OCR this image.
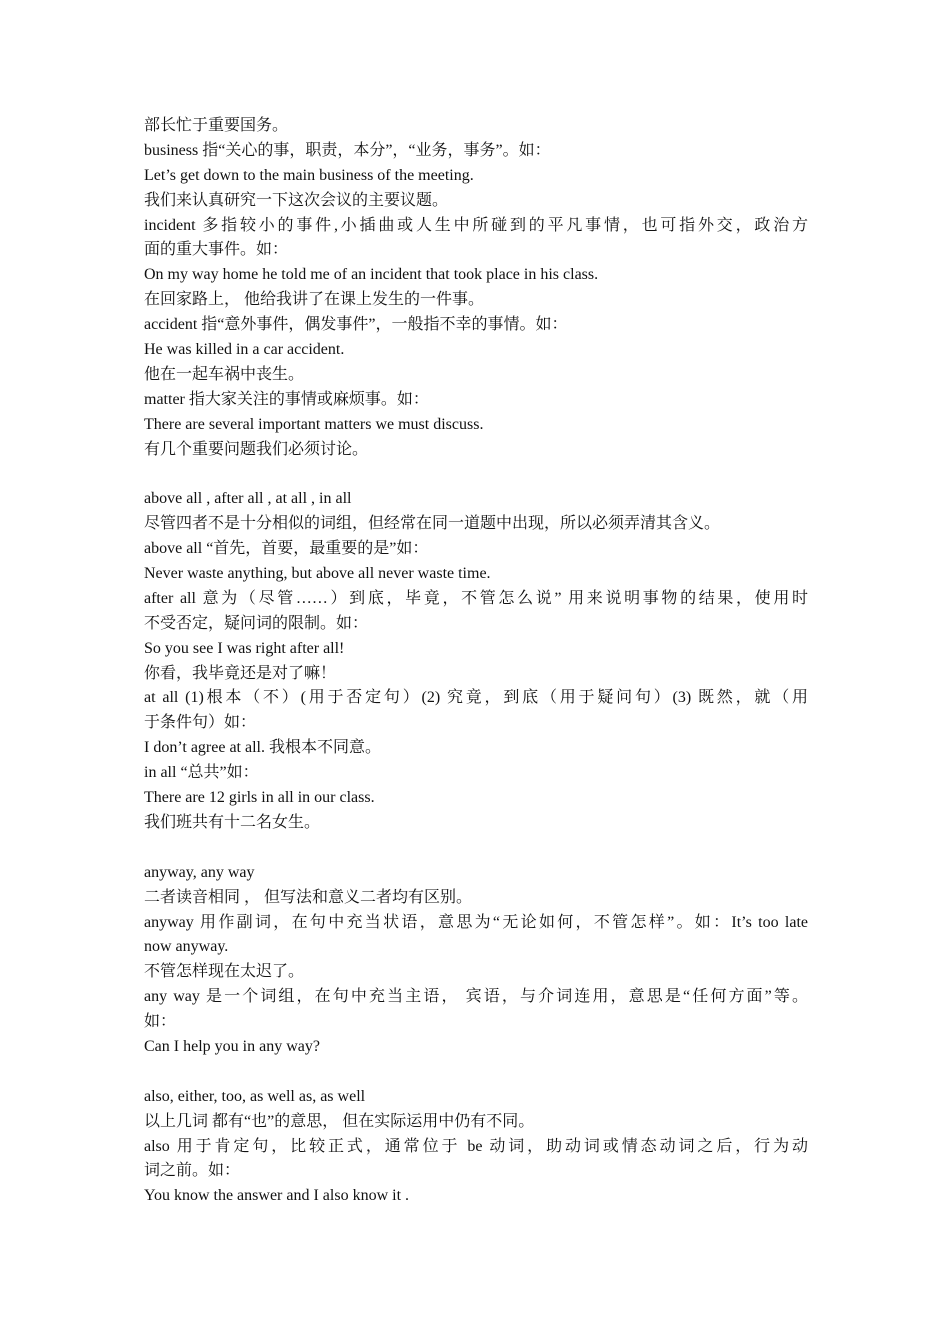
部长忙于重要国务。
business 指“关心的事，职责，本分”，“业务，事务”。如：
Let’s get down to the main business of the meeting.
我们来认真研究一下这次会议的主要议题。
incident 多指较小的事件,小插曲或人生中所碰到的平凡事情，也可指外交，政治方
面的重大事件。如：
On my way home he told me of an incident that took place in his class.
在回家路上， 他给我讲了在课上发生的一件事。
accident 指“意外事件，偶发事件”，一般指不幸的事情。如：
He was killed in a car accident.
他在一起车祸中丧生。
matter 指大家关注的事情或麻烦事。如：
There are several important matters we must discuss.
有几个重要问题我们必须讨论。
above all , after all , at all , in all
尽管四者不是十分相似的词组，但经常在同一道题中出现，所以必须弄清其含义。
above all “首先，首要，最重要的是”如：
Never waste anything, but above all never waste time.
after all 意为（尽管……）到底，毕竟，不管怎么说” 用来说明事物的结果，使用时
不受否定，疑问词的限制。如：
So you see I was right after all!
你看，我毕竟还是对了嘛！
at all (1)根本（不）(用于否定句）(2) 究竟，到底（用于疑问句）(3) 既然，就（用
于条件句）如：
I don’t agree at all. 我根本不同意。
in all “总共”如：
There are 12 girls in all in our class.
我们班共有十二名女生。
anyway, any way
二者读音相同 ， 但写法和意义二者均有区别。
anyway 用作副词，在句中充当状语，意思为“无论如何，不管怎样”。如：It’s too late
now anyway.
不管怎样现在太迟了。
any way 是一个词组，在句中充当主语， 宾语，与介词连用，意思是“任何方面”等。
如：
Can I help you in any way?
also, either, too, as well as, as well
以上几词 都有“也”的意思， 但在实际运用中仍有不同。
also 用于肯定句，比较正式，通常位于 be 动词，助动词或情态动词之后，行为动
词之前。如：
You know the answer and I also know it .
